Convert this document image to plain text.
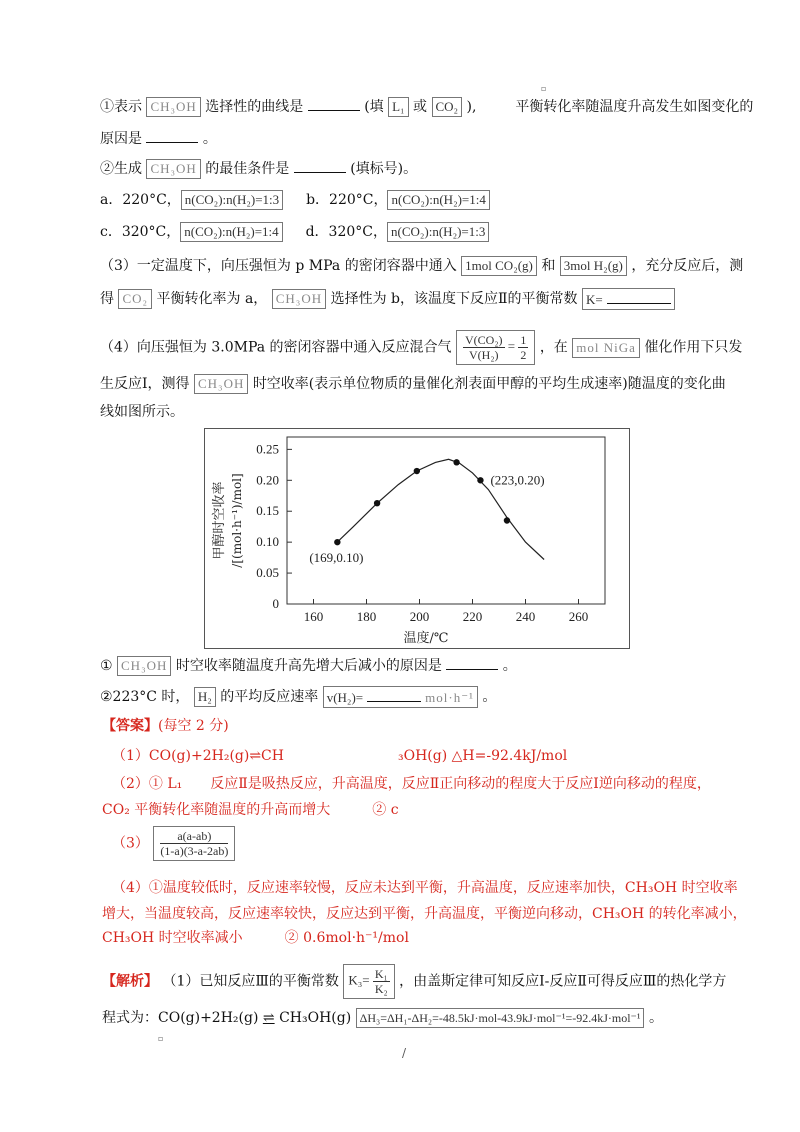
▫
①表示 CH₃OH 选择性的曲线是	(填 L₁ 或 CO₂ ),	平衡转化率随温度升高发生如图变化的
原因是	。
②生成 CH₃OH 的最佳条件是	(填标号)。
a．220°C， n(CO₂):n(H₂)=1:3 b．220°C， n(CO₂):n(H₂)=1:4
c．320°C， n(CO₂):n(H₂)=1:4 d．320°C， n(CO₂):n(H₂)=1:3
（3）一定温度下，向压强恒为 p MPa 的密闭容器中通入 1mol CO₂(g) 和 3mol H₂(g) ，充分反应后，测
得 CO₂ 平衡转化率为 a， CH₃OH 选择性为 b，该温度下反应Ⅱ的平衡常数 K=
（4）向压强恒为 3.0MPa 的密闭容器中通入反应混合气 $\frac{\text{V(CO₂)}}{\text{V(H₂)}} = \frac{1}{2}$ ，在 mol NiGa 催化作用下只发
生反应Ⅰ，测得 CH₃OH 时空收率(表示单位物质的量催化剂表面甲醇的平均生成速率)随温度的变化曲
线如图所示。
160	180	200	220	240	260
0
0.05
0.10
0.15
0.20
0.25
温度/℃
甲醇时空收率 /[(mol·h⁻¹)/mol]	(169,0.10)
(223,0.20)
① CH₃OH 时空收率随温度升高先增大后减小的原因是	。
②223°C 时， H₂ 的平均反应速率 v(H₂)=	mol·h⁻¹ 。
【答案】(每空 2 分)
（1）CO(g)+2H₂(g)⇌CH	₃OH(g) △H=-92.4kJ/mol
（2）① L₁　　反应Ⅱ是吸热反应，升高温度，反应Ⅱ正向移动的程度大于反应Ⅰ逆向移动的程度，
CO₂ 平衡转化率随温度的升高而增大　　　② c
$(3) \frac{a(a-ab)}{(1-a)(3-a-2ab)}$
（4）①温度较低时，反应速率较慢，反应未达到平衡，升高温度，反应速率加快，CH₃OH 时空收率
增大，当温度较高，反应速率较快，反应达到平衡，升高温度，平衡逆向移动，CH₃OH 的转化率减小，
CH₃OH 时空收率减小　　　② 0.6mol·h⁻¹/mol
【解析】 （1）已知反应Ⅲ的平衡常数 $K_3= \frac{\text{K₁}}{\text{K₂}}$ ，由盖斯定律可知反应Ⅰ-反应Ⅱ可得反应Ⅲ的热化学方
程式为：CO(g)+2H₂(g) ⇌ CH₃OH(g) ΔH₃=ΔH₁-ΔH₂=-48.5kJ·mol-43.9kJ·mol⁻¹=-92.4kJ·mol⁻¹ 。
▫
/
